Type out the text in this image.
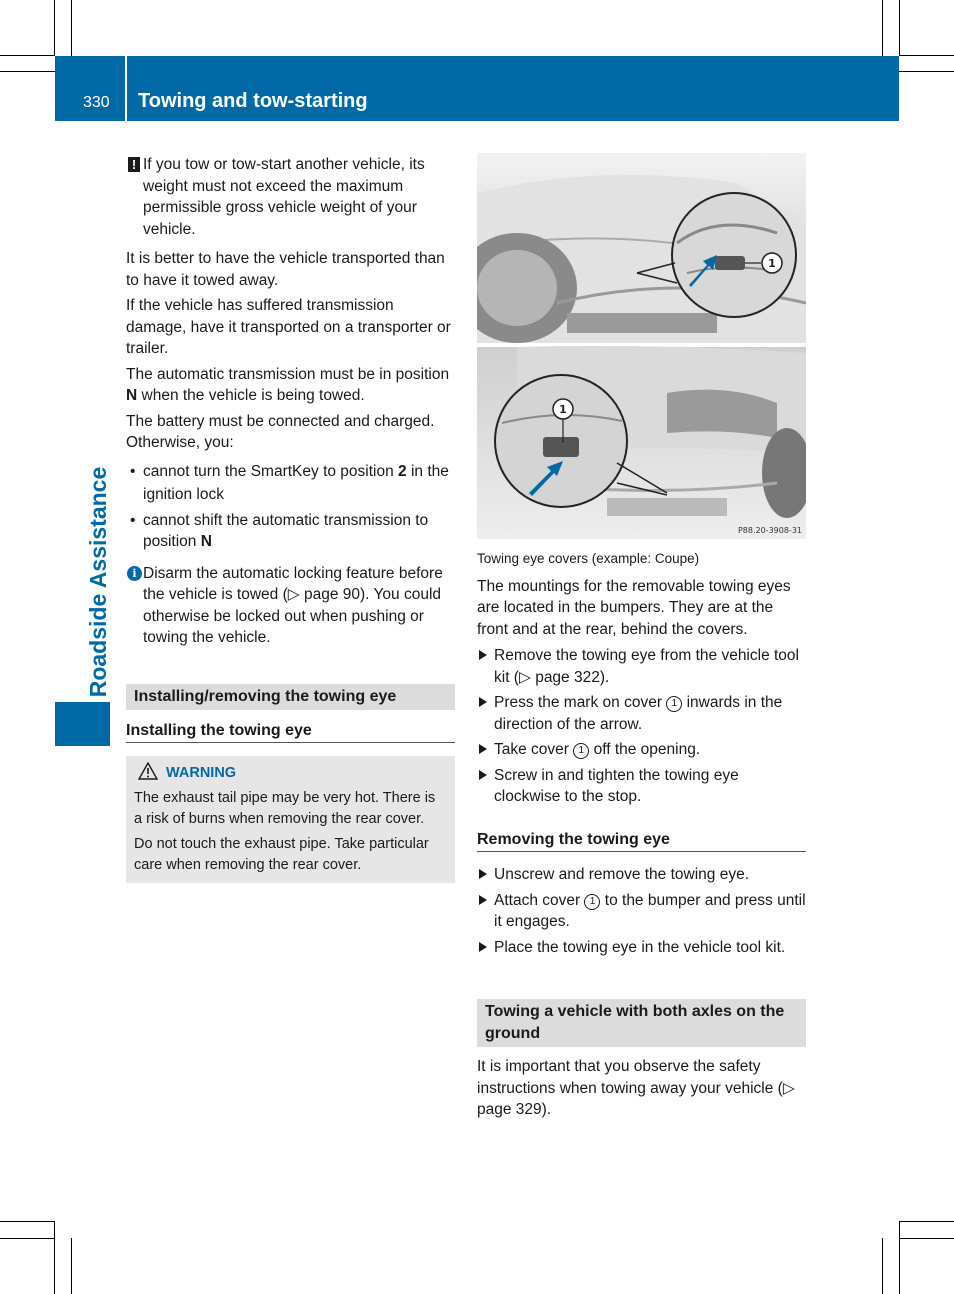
330 Towing and tow-starting
Roadside Assistance

! If you tow or tow-start another vehicle, its weight must not exceed the maximum permissible gross vehicle weight of your vehicle.

It is better to have the vehicle transported than to have it towed away.

If the vehicle has suffered transmission damage, have it transported on a transporter or trailer.

The automatic transmission must be in position N when the vehicle is being towed.

The battery must be connected and charged. Otherwise, you:

• cannot turn the SmartKey to position 2 in the ignition lock

• cannot shift the automatic transmission to position N

i Disarm the automatic locking feature before the vehicle is towed (▷ page 90). You could otherwise be locked out when pushing or towing the vehicle.

Installing/removing the towing eye
Installing the towing eye
WARNING
The exhaust tail pipe may be very hot. There is a risk of burns when removing the rear cover.
Do not touch the exhaust pipe. Take particular care when removing the rear cover.
1
1
P88.20-3908-31

Towing eye covers (example: Coupe)

The mountings for the removable towing eyes are located in the bumpers. They are at the front and at the rear, behind the covers.

Remove the towing eye from the vehicle tool kit (▷ page 322).

Press the mark on cover 1 inwards in the direction of the arrow.

Take cover 1 off the opening.

Screw in and tighten the towing eye clockwise to the stop.

Removing the towing eye

Unscrew and remove the towing eye.

Attach cover 1 to the bumper and press until it engages.

Place the towing eye in the vehicle tool kit.

Towing a vehicle with both axles on the ground

It is important that you observe the safety instructions when towing away your vehicle (▷ page 329).
